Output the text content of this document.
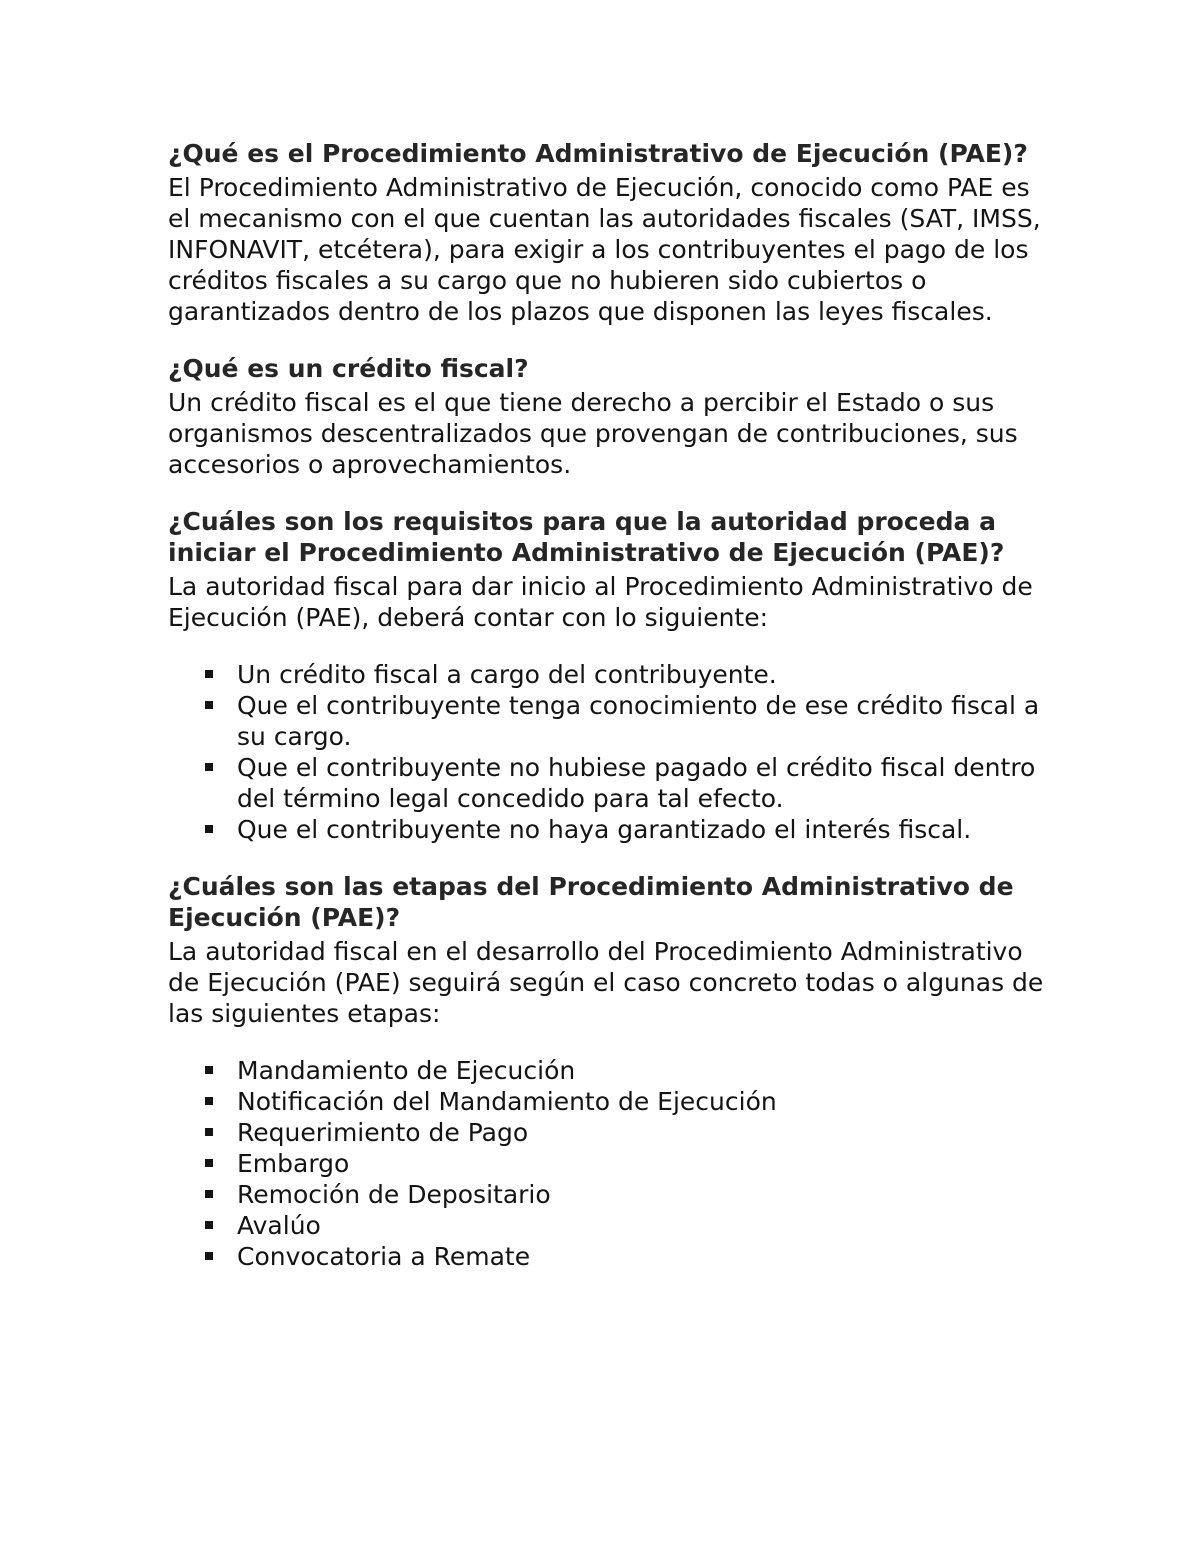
¿Qué es el Procedimiento Administrativo de Ejecución (PAE)?

El Procedimiento Administrativo de Ejecución, conocido como PAE es el mecanismo con el que cuentan las autoridades fiscales (SAT, IMSS, INFONAVIT, etcétera), para exigir a los contribuyentes el pago de los créditos fiscales a su cargo que no hubieren sido cubiertos o garantizados dentro de los plazos que disponen las leyes fiscales.

¿Qué es un crédito fiscal?

Un crédito fiscal es el que tiene derecho a percibir el Estado o sus organismos descentralizados que provengan de contribuciones, sus accesorios o aprovechamientos.

¿Cuáles son los requisitos para que la autoridad proceda a iniciar el Procedimiento Administrativo de Ejecución (PAE)?

La autoridad fiscal para dar inicio al Procedimiento Administrativo de Ejecución (PAE), deberá contar con lo siguiente:

Un crédito fiscal a cargo del contribuyente.
Que el contribuyente tenga conocimiento de ese crédito fiscal a su cargo.
Que el contribuyente no hubiese pagado el crédito fiscal dentro del término legal concedido para tal efecto.
Que el contribuyente no haya garantizado el interés fiscal.
¿Cuáles son las etapas del Procedimiento Administrativo de Ejecución (PAE)?

La autoridad fiscal en el desarrollo del Procedimiento Administrativo de Ejecución (PAE) seguirá según el caso concreto todas o algunas de las siguientes etapas:

Mandamiento de Ejecución
Notificación del Mandamiento de Ejecución
Requerimiento de Pago
Embargo
Remoción de Depositario
Avalúo
Convocatoria a Remate
